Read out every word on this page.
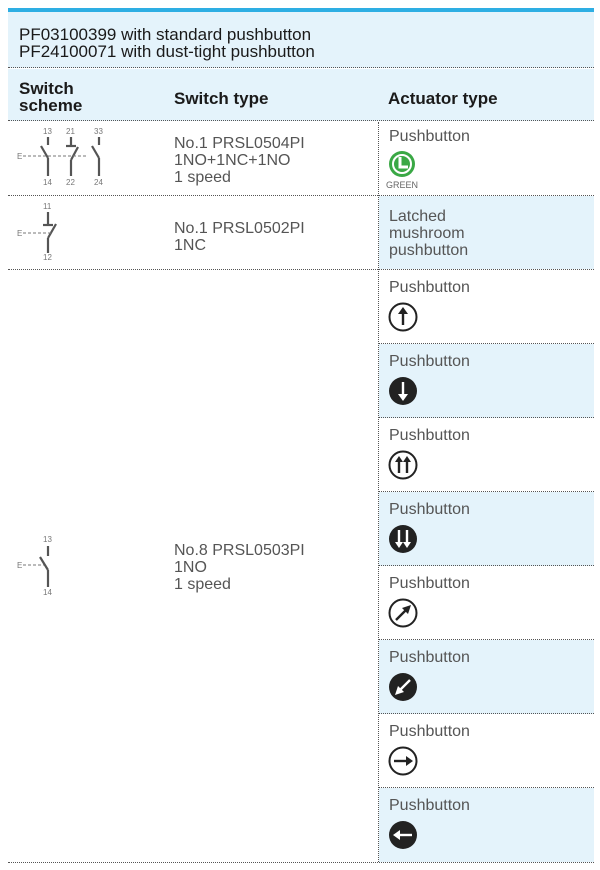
PF03100399 with standard pushbutton
PF24100071 with dust-tight pushbutton
Switch
scheme	Switch type	Actuator type
E
13 21 33
14 22 24
No.1 PRSL0504PI
1NO+1NC+1NO
1 speed
Pushbutton
GREEN
E
11
12
No.1 PRSL0502PI
1NC
Latched
mushroom
pushbutton
E
13
14
No.8 PRSL0503PI
1NO
1 speed
Pushbutton
Pushbutton
Pushbutton
Pushbutton
Pushbutton
Pushbutton
Pushbutton
Pushbutton
